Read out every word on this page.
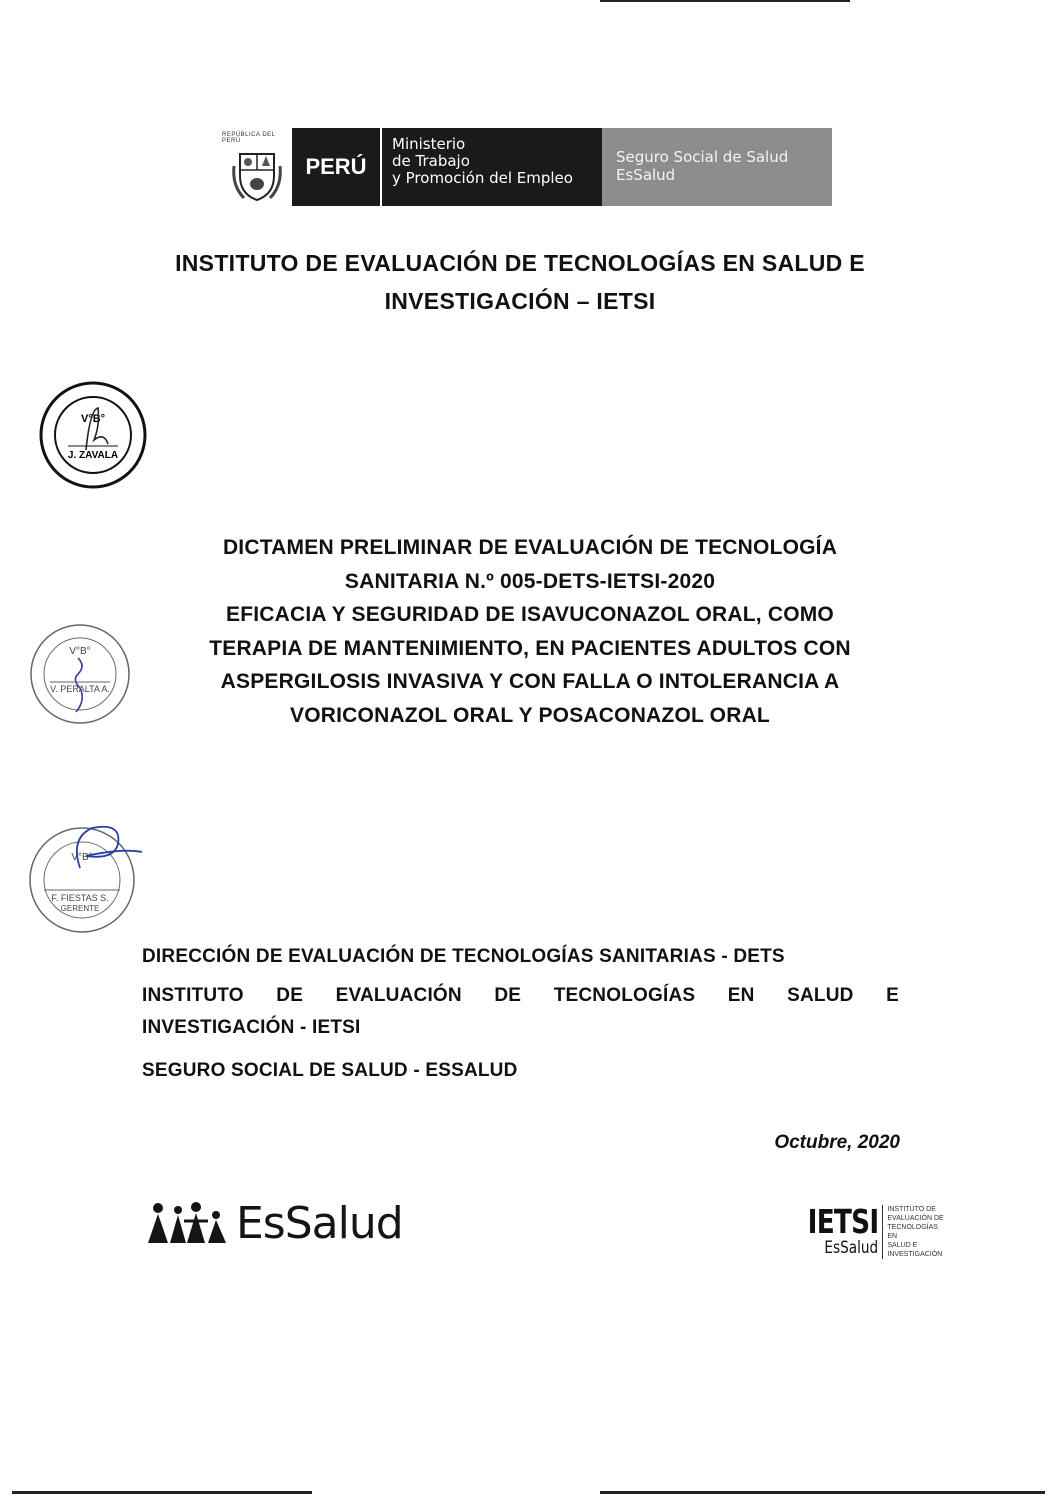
REPÚBLICA DEL PERÚ
PERÚ
Ministerio
de Trabajo
y Promoción del Empleo
Seguro Social de Salud
EsSalud
INSTITUTO DE EVALUACIÓN DE TECNOLOGÍAS EN SALUD E
INVESTIGACIÓN – IETSI
V°B°
J. ZAVALA
V°B°
V. PERALTA A.
V°B°
F. FIESTAS S.
GERENTE
DICTAMEN PRELIMINAR DE EVALUACIÓN DE TECNOLOGÍA
SANITARIA N.º 005-DETS-IETSI-2020
EFICACIA Y SEGURIDAD DE ISAVUCONAZOL ORAL, COMO
TERAPIA DE MANTENIMIENTO, EN PACIENTES ADULTOS CON
ASPERGILOSIS INVASIVA Y CON FALLA O INTOLERANCIA A
VORICONAZOL ORAL Y POSACONAZOL ORAL
DIRECCIÓN DE EVALUACIÓN DE TECNOLOGÍAS SANITARIAS - DETS
INSTITUTO DE EVALUACIÓN DE TECNOLOGÍAS EN SALUD E
INVESTIGACIÓN - IETSI
SEGURO SOCIAL DE SALUD - ESSALUD
Octubre, 2020
EsSalud	IETSI
EsSalud
INSTITUTO DE
EVALUACIÓN DE
TECNOLOGÍAS EN
SALUD E
INVESTIGACIÓN
